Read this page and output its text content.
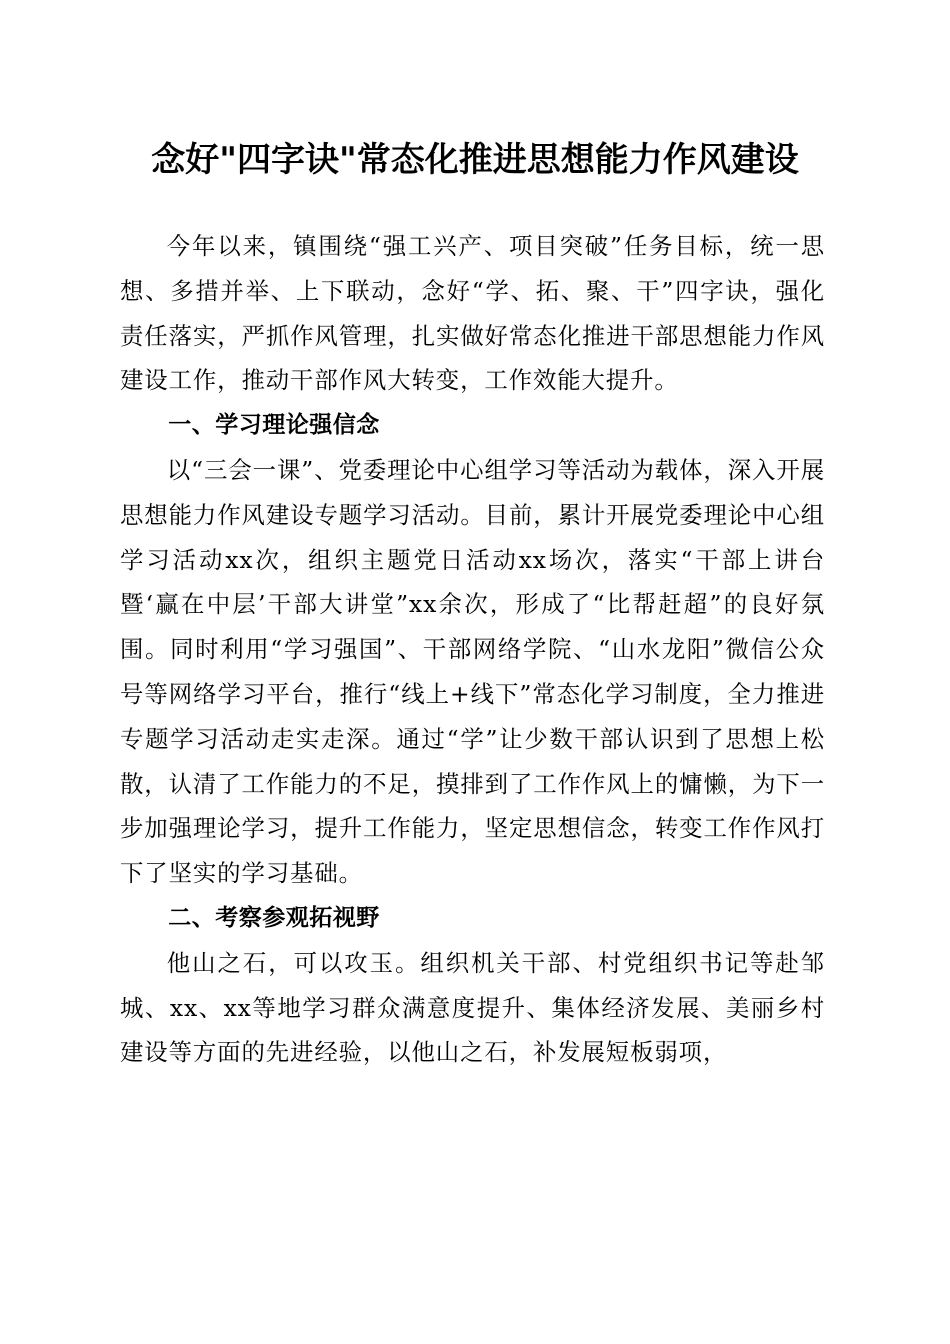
念好"四字诀"常态化推进思想能力作风建设

今年以来，镇围绕“强工兴产、项目突破”任务目标，统一思想、多措并举、上下联动，念好“学、拓、聚、干”四字诀，强化责任落实，严抓作风管理，扎实做好常态化推进干部思想能力作风建设工作，推动干部作风大转变，工作效能大提升。

一、学习理论强信念

以“三会一课”、党委理论中心组学习等活动为载体，深入开展思想能力作风建设专题学习活动。目前，累计开展党委理论中心组学习活动xx次，组织主题党日活动xx场次，落实“干部上讲台暨‘赢在中层’干部大讲堂”xx余次，形成了“比帮赶超”的良好氛围。同时利用“学习强国”、干部网络学院、“山水龙阳”微信公众号等网络学习平台，推行“线上+线下”常态化学习制度，全力推进专题学习活动走实走深。通过“学”让少数干部认识到了思想上松散，认清了工作能力的不足，摸排到了工作作风上的慵懒，为下一步加强理论学习，提升工作能力，坚定思想信念，转变工作作风打下了坚实的学习基础。

二、考察参观拓视野

他山之石，可以攻玉。组织机关干部、村党组织书记等赴邹城、xx、xx等地学习群众满意度提升、集体经济发展、美丽乡村建设等方面的先进经验，以他山之石，补发展短板弱项，
